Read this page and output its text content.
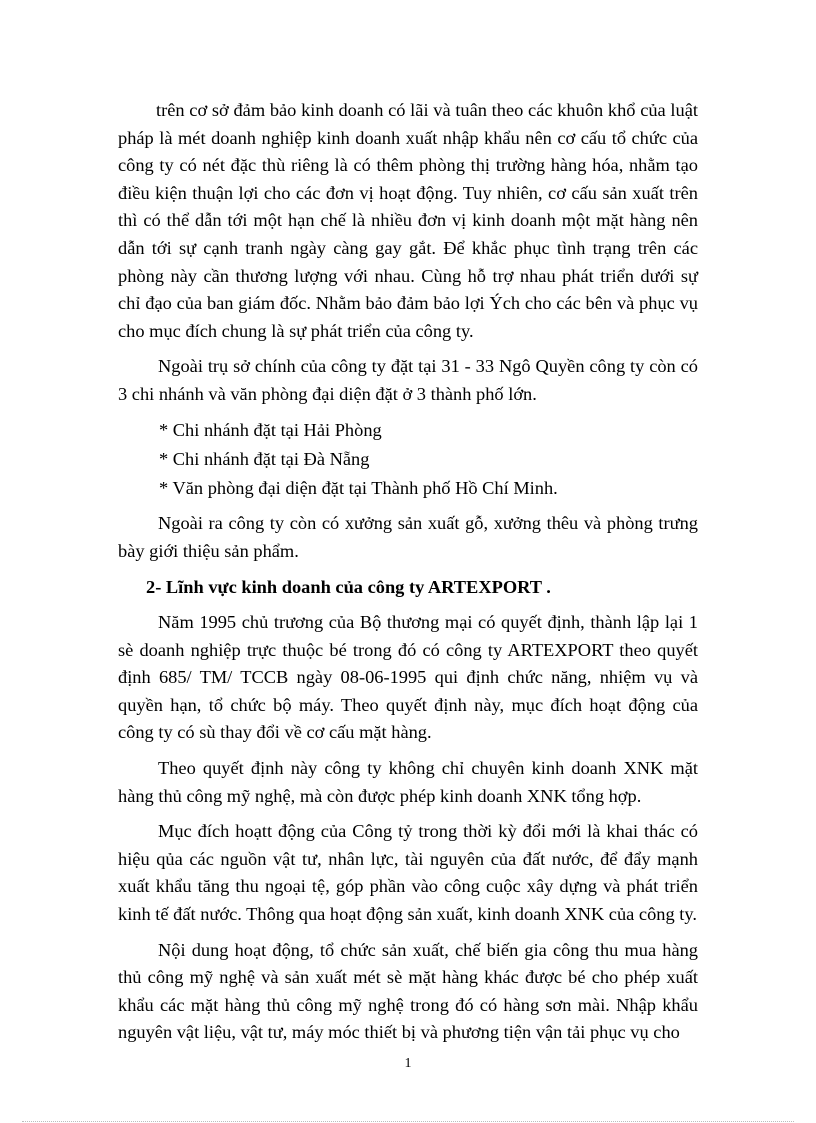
trên cơ sở đảm bảo kinh doanh có lãi và tuân theo các khuôn khổ của luật pháp là mét doanh nghiệp kinh doanh xuất nhập khẩu nên cơ cấu tổ chức của công ty có nét đặc thù riêng là có thêm phòng thị trường hàng hóa, nhằm tạo điều kiện thuận lợi cho các đơn vị hoạt động. Tuy nhiên, cơ cấu sản xuất trên thì có thể dẫn tới một hạn chế là nhiều đơn vị kinh doanh một mặt hàng nên dẫn tới sự cạnh tranh ngày càng gay gắt. Để khắc phục tình trạng trên các phòng này cần thương lượng với nhau. Cùng hỗ trợ nhau phát triển dưới sự chỉ đạo của ban giám đốc. Nhằm bảo đảm bảo lợi Ých cho các bên và phục vụ cho mục đích chung là sự phát triển của công ty.

Ngoài trụ sở chính của công ty đặt tại 31 - 33 Ngô Quyền công ty còn có 3 chi nhánh và văn phòng đại diện đặt ở 3 thành phố lớn.

* Chi nhánh đặt tại Hải Phòng

* Chi nhánh đặt tại Đà Nẵng

* Văn phòng đại diện đặt tại Thành phố Hồ Chí Minh.

Ngoài ra công ty còn có xưởng sản xuất gỗ, xưởng thêu và phòng trưng bày giới thiệu sản phẩm.

2- Lĩnh vực kinh doanh của công ty ARTEXPORT .

Năm 1995 chủ trương của Bộ thương mại có quyết định, thành lập lại 1 sè doanh nghiệp trực thuộc bé trong đó có công ty ARTEXPORT theo quyết định 685/ TM/ TCCB ngày 08-06-1995 qui định chức năng, nhiệm vụ và quyền hạn, tổ chức bộ máy. Theo quyết định này, mục đích hoạt động của công ty có sù thay đổi về cơ cấu mặt hàng.

Theo quyết định này công ty không chỉ chuyên kinh doanh XNK mặt hàng thủ công mỹ nghệ, mà còn được phép kinh doanh XNK tổng hợp.

Mục đích hoạtt động của Công tỷ trong thời kỳ đổi mới là khai thác có hiệu qủa các nguồn vật tư, nhân lực, tài nguyên của đất nước, để đẩy mạnh xuất khẩu tăng thu ngoại tệ, góp phần vào công cuộc xây dựng và phát triển kinh tế đất nước. Thông qua hoạt động sản xuất, kinh doanh XNK của công ty.

Nội dung hoạt động, tổ chức sản xuất, chế biến gia công thu mua hàng thủ công mỹ nghệ và sản xuất mét sè mặt hàng khác được bé cho phép xuất khẩu các mặt hàng thủ công mỹ nghệ trong đó có hàng sơn mài. Nhập khẩu nguyên vật liệu, vật tư, máy móc thiết bị và phương tiện vận tải phục vụ cho

1
